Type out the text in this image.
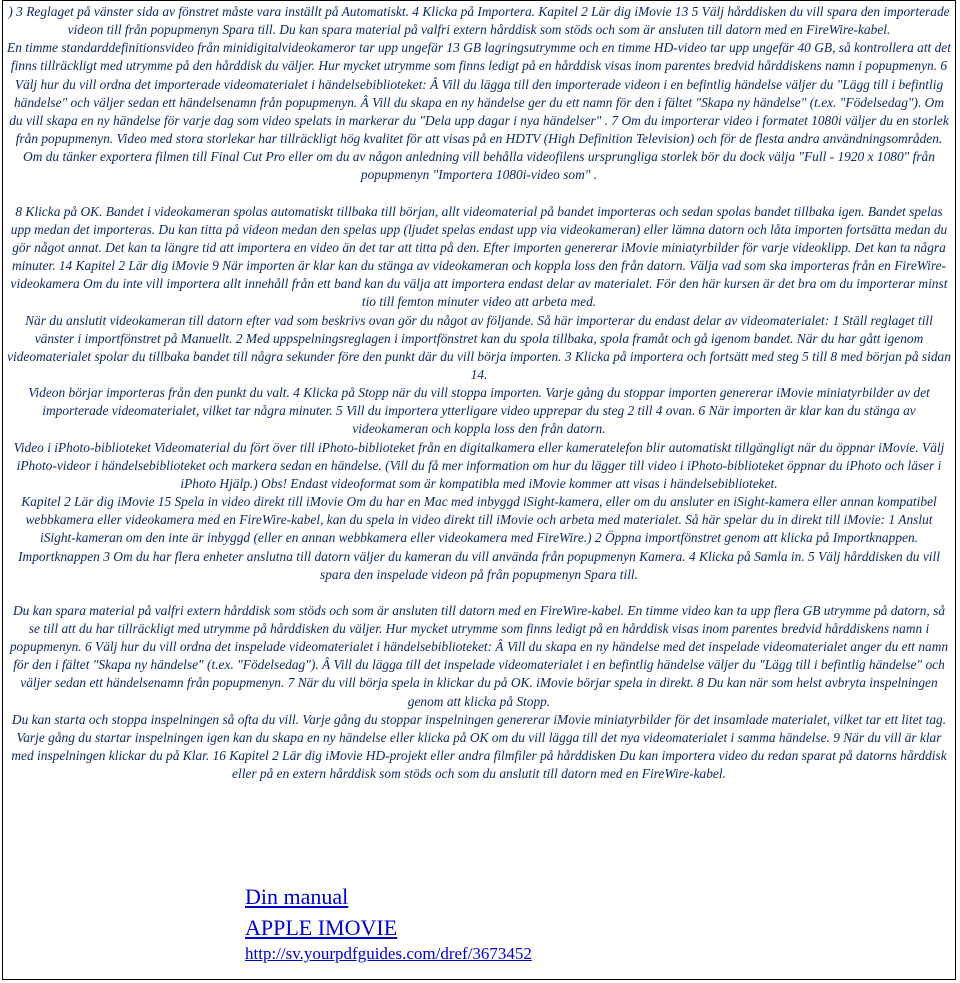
) 3 Reglaget på vänster sida av fönstret måste vara inställt på Automatiskt. 4 Klicka på Importera. Kapitel 2 Lär dig iMovie 13 5 Välj hårddisken du vill spara den importerade videon till från popupmenyn Spara till. Du kan spara material på valfri extern hårddisk som stöds och som är ansluten till datorn med en FireWire-kabel.

En timme standarddefinitionsvideo från minidigitalvideokameror tar upp ungefär 13 GB lagringsutrymme och en timme HD-video tar upp ungefär 40 GB, så kontrollera att det finns tillräckligt med utrymme på den hårddisk du väljer. Hur mycket utrymme som finns ledigt på en hårddisk visas inom parentes bredvid hårddiskens namn i popupmenyn. 6 Välj hur du vill ordna det importerade videomaterialet i händelsebiblioteket: Â Vill du lägga till den importerade videon i en befintlig händelse väljer du "Lägg till i befintlig händelse" och väljer sedan ett händelsenamn från popupmenyn. Â Vill du skapa en ny händelse ger du ett namn för den i fältet "Skapa ny händelse" (t.ex. "Födelsedag"). Om du vill skapa en ny händelse för varje dag som video spelats in markerar du "Dela upp dagar i nya händelser" . 7 Om du importerar video i formatet 1080i väljer du en storlek från popupmenyn. Video med stora storlekar har tillräckligt hög kvalitet för att visas på en HDTV (High Definition Television) och för de flesta andra användningsområden. Om du tänker exportera filmen till Final Cut Pro eller om du av någon anledning vill behålla videofilens ursprungliga storlek bör du dock välja "Full - 1920 x 1080" från popupmenyn "Importera 1080i-video som" .

8 Klicka på OK. Bandet i videokameran spolas automatiskt tillbaka till början, allt videomaterial på bandet importeras och sedan spolas bandet tillbaka igen. Bandet spelas upp medan det importeras. Du kan titta på videon medan den spelas upp (ljudet spelas endast upp via videokameran) eller lämna datorn och låta importen fortsätta medan du gör något annat. Det kan ta längre tid att importera en video än det tar att titta på den. Efter importen genererar iMovie miniatyrbilder för varje videoklipp. Det kan ta några minuter. 14 Kapitel 2 Lär dig iMovie 9 När importen är klar kan du stänga av videokameran och koppla loss den från datorn. Välja vad som ska importeras från en FireWire-videokamera Om du inte vill importera allt innehåll från ett band kan du välja att importera endast delar av materialet. För den här kursen är det bra om du importerar minst tio till femton minuter video att arbeta med.

När du anslutit videokameran till datorn efter vad som beskrivs ovan gör du något av följande. Så här importerar du endast delar av videomaterialet: 1 Ställ reglaget till vänster i importfönstret på Manuellt. 2 Med uppspelningsreglagen i importfönstret kan du spola tillbaka, spola framåt och gå igenom bandet. När du har gått igenom videomaterialet spolar du tillbaka bandet till några sekunder före den punkt där du vill börja importen. 3 Klicka på importera och fortsätt med steg 5 till 8 med början på sidan 14.

Videon börjar importeras från den punkt du valt. 4 Klicka på Stopp när du vill stoppa importen. Varje gång du stoppar importen genererar iMovie miniatyrbilder av det importerade videomaterialet, vilket tar några minuter. 5 Vill du importera ytterligare video upprepar du steg 2 till 4 ovan. 6 När importen är klar kan du stänga av videokameran och koppla loss den från datorn.

Video i iPhoto-biblioteket Videomaterial du fört över till iPhoto-biblioteket från en digitalkamera eller kameratelefon blir automatiskt tillgängligt när du öppnar iMovie. Välj iPhoto-videor i händelsebiblioteket och markera sedan en händelse. (Vill du få mer information om hur du lägger till video i iPhoto-biblioteket öppnar du iPhoto och läser i iPhoto Hjälp.) Obs! Endast videoformat som är kompatibla med iMovie kommer att visas i händelsebiblioteket.

Kapitel 2 Lär dig iMovie 15 Spela in video direkt till iMovie Om du har en Mac med inbyggd iSight-kamera, eller om du ansluter en iSight-kamera eller annan kompatibel webbkamera eller videokamera med en FireWire-kabel, kan du spela in video direkt till iMovie och arbeta med materialet. Så här spelar du in direkt till iMovie: 1 Anslut iSight-kameran om den inte är inbyggd (eller en annan webbkamera eller videokamera med FireWire.) 2 Öppna importfönstret genom att klicka på Importknappen. Importknappen 3 Om du har flera enheter anslutna till datorn väljer du kameran du vill använda från popupmenyn Kamera. 4 Klicka på Samla in. 5 Välj hårddisken du vill spara den inspelade videon på från popupmenyn Spara till.

Du kan spara material på valfri extern hårddisk som stöds och som är ansluten till datorn med en FireWire-kabel. En timme video kan ta upp flera GB utrymme på datorn, så se till att du har tillräckligt med utrymme på hårddisken du väljer. Hur mycket utrymme som finns ledigt på en hårddisk visas inom parentes bredvid hårddiskens namn i popupmenyn. 6 Välj hur du vill ordna det inspelade videomaterialet i händelsebiblioteket: Â Vill du skapa en ny händelse med det inspelade videomaterialet anger du ett namn för den i fältet "Skapa ny händelse" (t.ex. "Födelsedag"). Â Vill du lägga till det inspelade videomaterialet i en befintlig händelse väljer du "Lägg till i befintlig händelse" och väljer sedan ett händelsenamn från popupmenyn. 7 När du vill börja spela in klickar du på OK. iMovie börjar spela in direkt. 8 Du kan när som helst avbryta inspelningen genom att klicka på Stopp.

Du kan starta och stoppa inspelningen så ofta du vill. Varje gång du stoppar inspelningen genererar iMovie miniatyrbilder för det insamlade materialet, vilket tar ett litet tag. Varje gång du startar inspelningen igen kan du skapa en ny händelse eller klicka på OK om du vill lägga till det nya videomaterialet i samma händelse. 9 När du vill är klar med inspelningen klickar du på Klar. 16 Kapitel 2 Lär dig iMovie HD-projekt eller andra filmfiler på hårddisken Du kan importera video du redan sparat på datorns hårddisk eller på en extern hårddisk som stöds och som du anslutit till datorn med en FireWire-kabel.

Din manual
APPLE IMOVIE
http://sv.yourpdfguides.com/dref/3673452
